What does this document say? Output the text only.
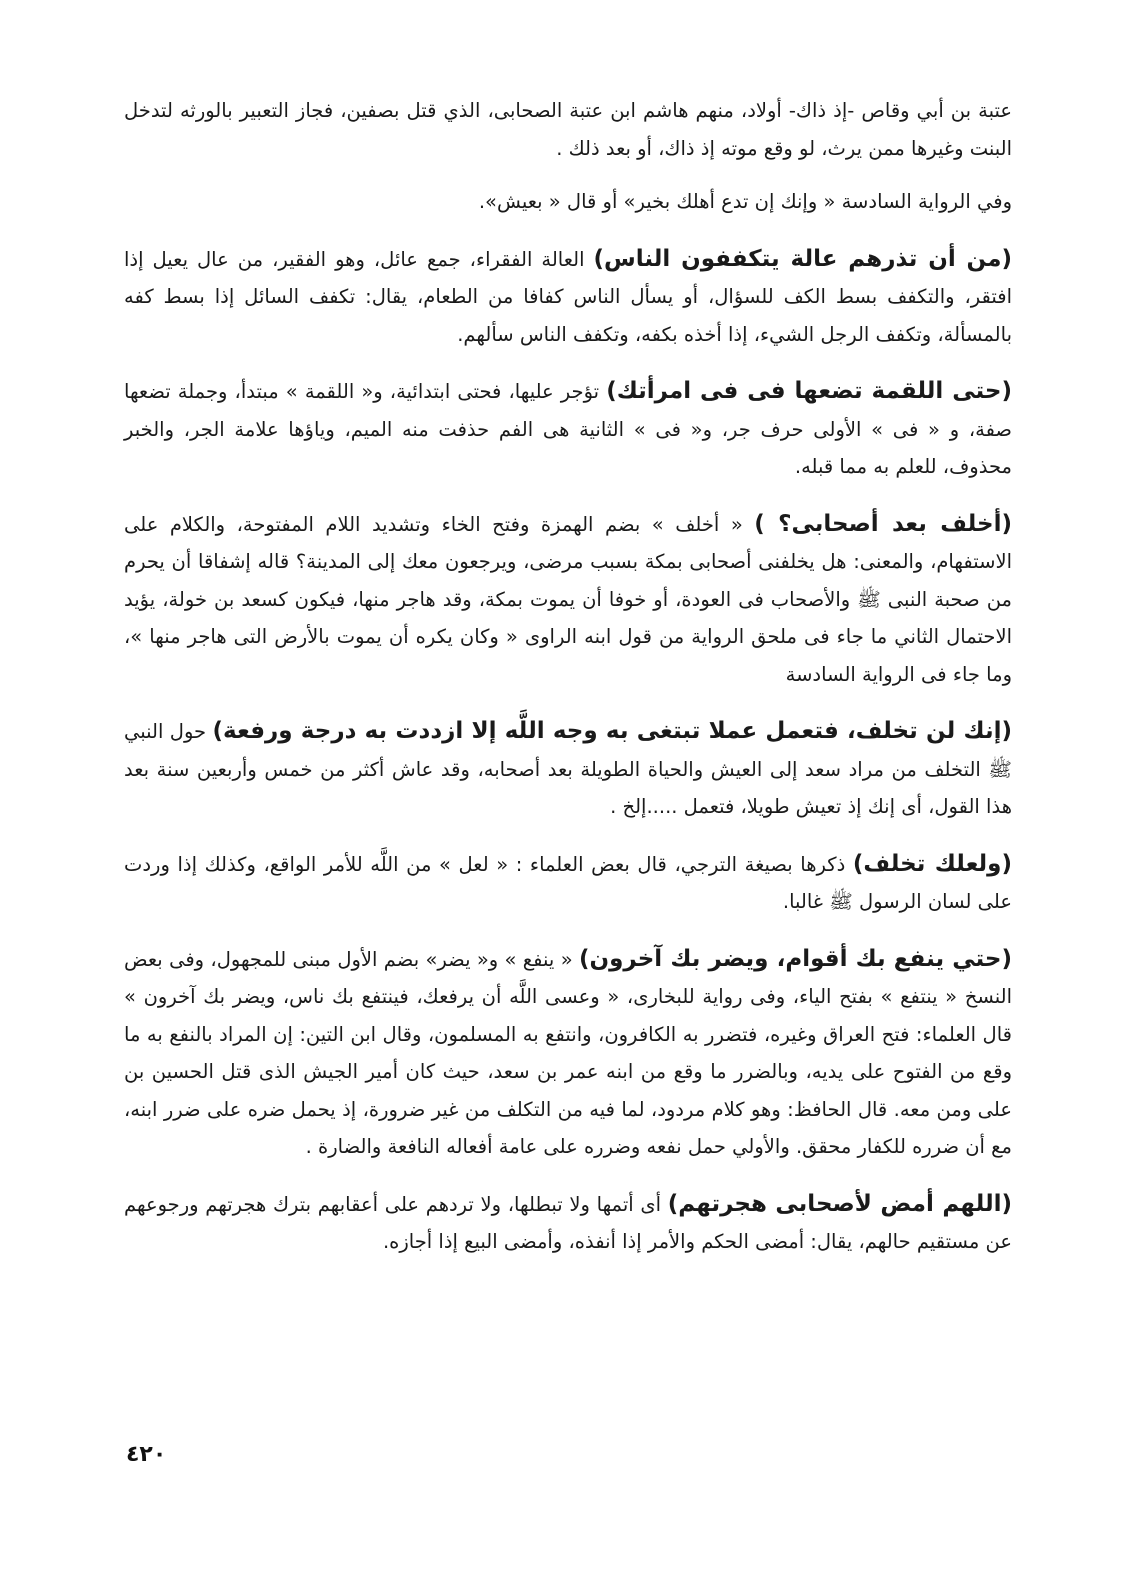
عتبة بن أبي وقاص -إذ ذاك- أولاد، منهم هاشم ابن عتبة الصحابى، الذي قتل بصفين، فجاز التعبير بالورثه لتدخل البنت وغيرها ممن يرث، لو وقع موته إذ ذاك، أو بعد ذلك .

وفي الرواية السادسة « وإنك إن تدع أهلك بخير» أو قال « بعيش».

(من أن تذرهم عالة يتكففون الناس) العالة الفقراء، جمع عائل، وهو الفقير، من عال يعيل إذا افتقر، والتكفف بسط الكف للسؤال، أو يسأل الناس كفافا من الطعام، يقال: تكفف السائل إذا بسط كفه بالمسألة، وتكفف الرجل الشيء، إذا أخذه بكفه، وتكفف الناس سألهم.

(حتى اللقمة تضعها فى فى امرأتك) تؤجر عليها، فحتى ابتدائية، و« اللقمة » مبتدأ، وجملة تضعها صفة، و « فى » الأولى حرف جر، و« فى » الثانية هى الفم حذفت منه الميم، وياؤها علامة الجر، والخبر محذوف، للعلم به مما قبله.

(أخلف بعد أصحابى؟ ) « أخلف » بضم الهمزة وفتح الخاء وتشديد اللام المفتوحة، والكلام على الاستفهام، والمعنى: هل يخلفنى أصحابى بمكة بسبب مرضى، ويرجعون معك إلى المدينة؟ قاله إشفاقا أن يحرم من صحبة النبى ﷺ والأصحاب فى العودة، أو خوفا أن يموت بمكة، وقد هاجر منها، فيكون كسعد بن خولة، يؤيد الاحتمال الثاني ما جاء فى ملحق الرواية من قول ابنه الراوى « وكان يكره أن يموت بالأرض التى هاجر منها »، وما جاء فى الرواية السادسة

(إنك لن تخلف، فتعمل عملا تبتغى به وجه اللَّه إلا ازددت به درجة ورفعة) حول النبي ﷺ التخلف من مراد سعد إلى العيش والحياة الطويلة بعد أصحابه، وقد عاش أكثر من خمس وأربعين سنة بعد هذا القول، أى إنك إذ تعيش طويلا، فتعمل .....إلخ .

(ولعلك تخلف) ذكرها بصيغة الترجي، قال بعض العلماء : « لعل » من اللَّه للأمر الواقع، وكذلك إذا وردت على لسان الرسول ﷺ غالبا.

(حتي ينفع بك أقوام، ويضر بك آخرون) « ينفع » و« يضر» بضم الأول مبنى للمجهول، وفى بعض النسخ « ينتفع » بفتح الياء، وفى رواية للبخارى، « وعسى اللَّه أن يرفعك، فينتفع بك ناس، ويضر بك آخرون » قال العلماء: فتح العراق وغيره، فتضرر به الكافرون، وانتفع به المسلمون، وقال ابن التين: إن المراد بالنفع به ما وقع من الفتوح على يديه، وبالضرر ما وقع من ابنه عمر بن سعد، حيث كان أمير الجيش الذى قتل الحسين بن على ومن معه. قال الحافظ: وهو كلام مردود، لما فيه من التكلف من غير ضرورة، إذ يحمل ضره على ضرر ابنه، مع أن ضرره للكفار محقق. والأولي حمل نفعه وضرره على عامة أفعاله النافعة والضارة .

(اللهم أمض لأصحابى هجرتهم) أى أتمها ولا تبطلها، ولا تردهم على أعقابهم بترك هجرتهم ورجوعهم عن مستقيم حالهم، يقال: أمضى الحكم والأمر إذا أنفذه، وأمضى البيع إذا أجازه.

٤٢٠
